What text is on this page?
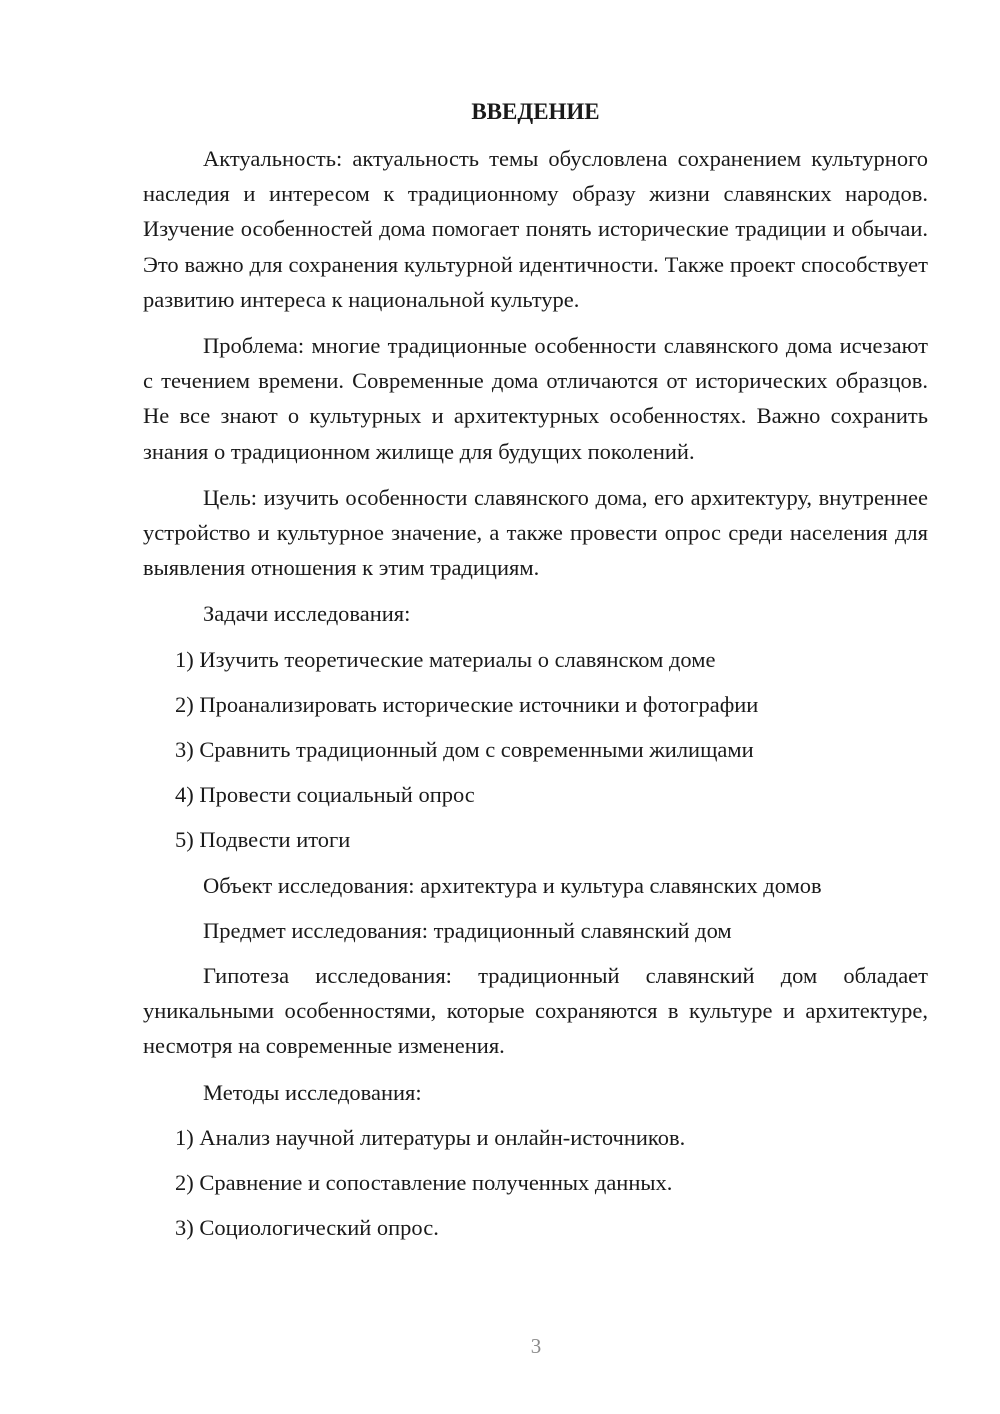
ВВЕДЕНИЕ

Актуальность: актуальность темы обусловлена сохранением культурного наследия и интересом к традиционному образу жизни славянских народов. Изучение особенностей дома помогает понять исторические традиции и обычаи. Это важно для сохранения культурной идентичности. Также проект способствует развитию интереса к национальной культуре.

Проблема: многие традиционные особенности славянского дома исчезают с течением времени. Современные дома отличаются от исторических образцов. Не все знают о культурных и архитектурных особенностях. Важно сохранить знания о традиционном жилище для будущих поколений.

Цель: изучить особенности славянского дома, его архитектуру, внутреннее устройство и культурное значение, а также провести опрос среди населения для выявления отношения к этим традициям.

Задачи исследования:
1) Изучить теоретические материалы о славянском доме
2) Проанализировать исторические источники и фотографии
3) Сравнить традиционный дом с современными жилищами
4) Провести социальный опрос
5) Подвести итоги
Объект исследования: архитектура и культура славянских домов
Предмет исследования: традиционный славянский дом

Гипотеза исследования: традиционный славянский дом обладает уникальными особенностями, которые сохраняются в культуре и архитектуре, несмотря на современные изменения.

Методы исследования:
1) Анализ научной литературы и онлайн-источников.
2) Сравнение и сопоставление полученных данных.
3) Социологический опрос.
3
